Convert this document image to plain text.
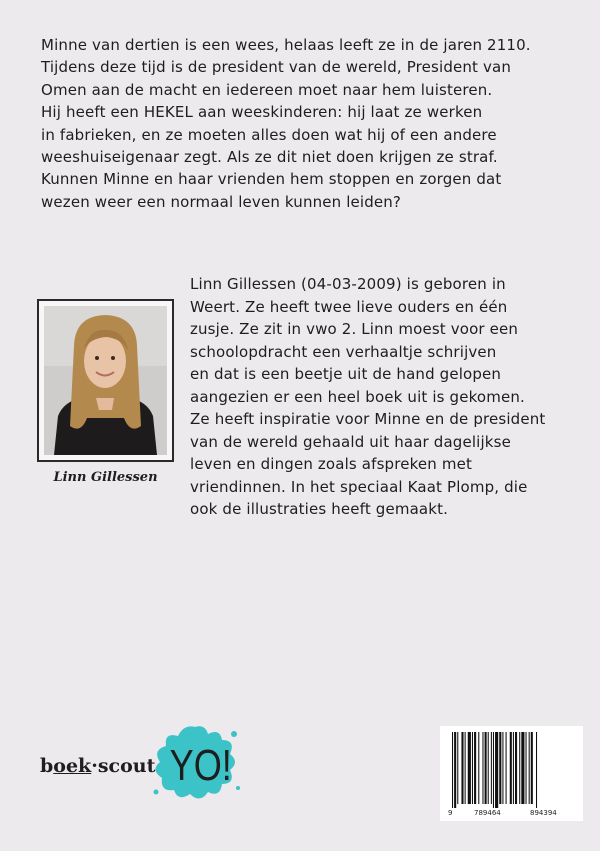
Minne van dertien is een wees, helaas leeft ze in de jaren 2110.
Tijdens deze tijd is de president van de wereld, President van
Omen aan de macht en iedereen moet naar hem luisteren.
Hij heeft een HEKEL aan weeskinderen: hij laat ze werken
in fabrieken, en ze moeten alles doen wat hij of een andere
weeshuiseigenaar zegt. Als ze dit niet doen krijgen ze straf.
Kunnen Minne en haar vrienden hem stoppen en zorgen dat
wezen weer een normaal leven kunnen leiden?
Linn Gillessen
Linn Gillessen (04-03-2009) is geboren in
Weert. Ze heeft twee lieve ouders en één
zusje. Ze zit in vwo 2. Linn moest voor een
schoolopdracht een verhaaltje schrijven
en dat is een beetje uit de hand gelopen
aangezien er een heel boek uit is gekomen.
Ze heeft inspiratie voor Minne en de president
van de wereld gehaald uit haar dagelijkse
leven en dingen zoals afspreken met
vriendinnen. In het speciaal Kaat Plomp, die
ook de illustraties heeft gemaakt.
boek·scout YO!
9	789464	894394
